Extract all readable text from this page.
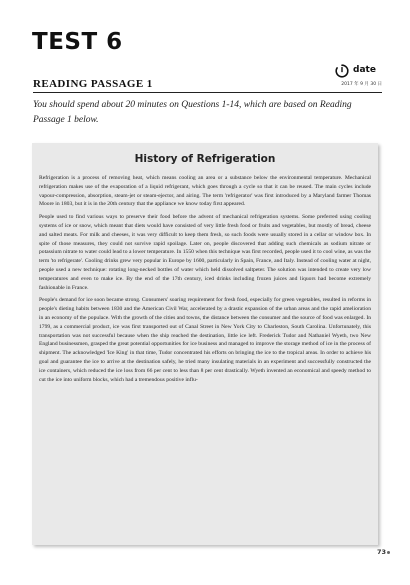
TEST 6
date
2017 年 9 月 30 日
READING PASSAGE 1

You should spend about 20 minutes on Questions 1-14, which are based on Reading Passage 1 below.

History of Refrigeration

Refrigeration is a process of removing heat, which means cooling an area or a substance below the environmental temperature. Mechanical refrigeration makes use of the evaporation of a liquid refrigerant, which goes through a cycle so that it can be reused. The main cycles include vapour-compression, absorption, steam-jet or steam-ejector, and airing. The term 'refrigerator' was first introduced by a Maryland farmer Thomas Moore in 1803, but it is in the 20th century that the appliance we know today first appeared.

People used to find various ways to preserve their food before the advent of mechanical refrigeration systems. Some preferred using cooling systems of ice or snow, which meant that diets would have consisted of very little fresh food or fruits and vegetables, but mostly of bread, cheese and salted meats. For milk and cheeses, it was very difficult to keep them fresh, so such foods were usually stored in a cellar or window box. In spite of those measures, they could not survive rapid spoilage. Later on, people discovered that adding such chemicals as sodium nitrate or potassium nitrate to water could lead to a lower temperature. In 1550 when this technique was first recorded, people used it to cool wine, as was the term 'to refrigerate'. Cooling drinks grew very popular in Europe by 1600, particularly in Spain, France, and Italy. Instead of cooling water at night, people used a new technique: rotating long-necked bottles of water which held dissolved saltpeter. The solution was intended to create very low temperatures and even to make ice. By the end of the 17th century, iced drinks including frozen juices and liquors had become extremely fashionable in France.

People's demand for ice soon became strong. Consumers' soaring requirement for fresh food, especially for green vegetables, resulted in reforms in people's dieting habits between 1830 and the American Civil War, accelerated by a drastic expansion of the urban areas and the rapid amelioration in an economy of the populace. With the growth of the cities and towns, the distance between the consumer and the source of food was enlarged. In 1799, as a commercial product, ice was first transported out of Canal Street in New York City to Charleston, South Carolina. Unfortunately, this transportation was not successful because when the ship reached the destination, little ice left. Frederick Tudor and Nathaniel Wyeth, two New England businessmen, grasped the great potential opportunities for ice business and managed to improve the storage method of ice in the process of shipment. The acknowledged 'Ice King' in that time, Tudor concentrated his efforts on bringing the ice to the tropical areas. In order to achieve his goal and guarantee the ice to arrive at the destination safely, he tried many insulating materials in an experiment and successfully constructed the ice containers, which reduced the ice loss from 66 per cent to less than 8 per cent drastically. Wyeth invented an economical and speedy method to cut the ice into uniform blocks, which had a tremendous positive influ-

73
